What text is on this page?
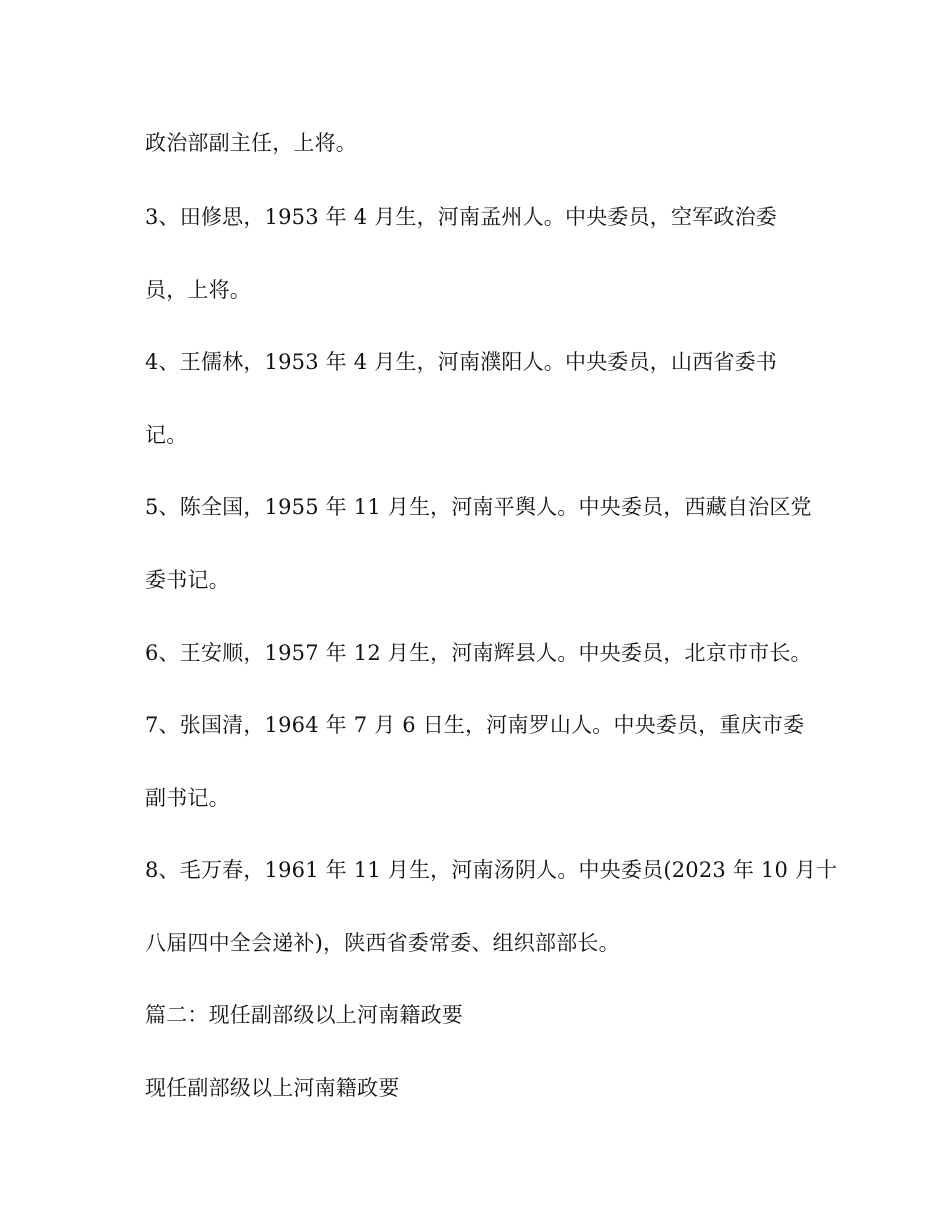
政治部副主任，上将。
3、田修思，1953 年 4 月生，河南孟州人。中央委员，空军政治委
员，上将。
4、王儒林，1953 年 4 月生，河南濮阳人。中央委员，山西省委书
记。
5、陈全国，1955 年 11 月生，河南平舆人。中央委员，西藏自治区党
委书记。
6、王安顺，1957 年 12 月生，河南辉县人。中央委员，北京市市长。
7、张国清，1964 年 7 月 6 日生，河南罗山人。中央委员，重庆市委
副书记。
8、毛万春，1961 年 11 月生，河南汤阴人。中央委员(2023 年 10 月十
八届四中全会递补)，陕西省委常委、组织部部长。
篇二：现任副部级以上河南籍政要
现任副部级以上河南籍政要
